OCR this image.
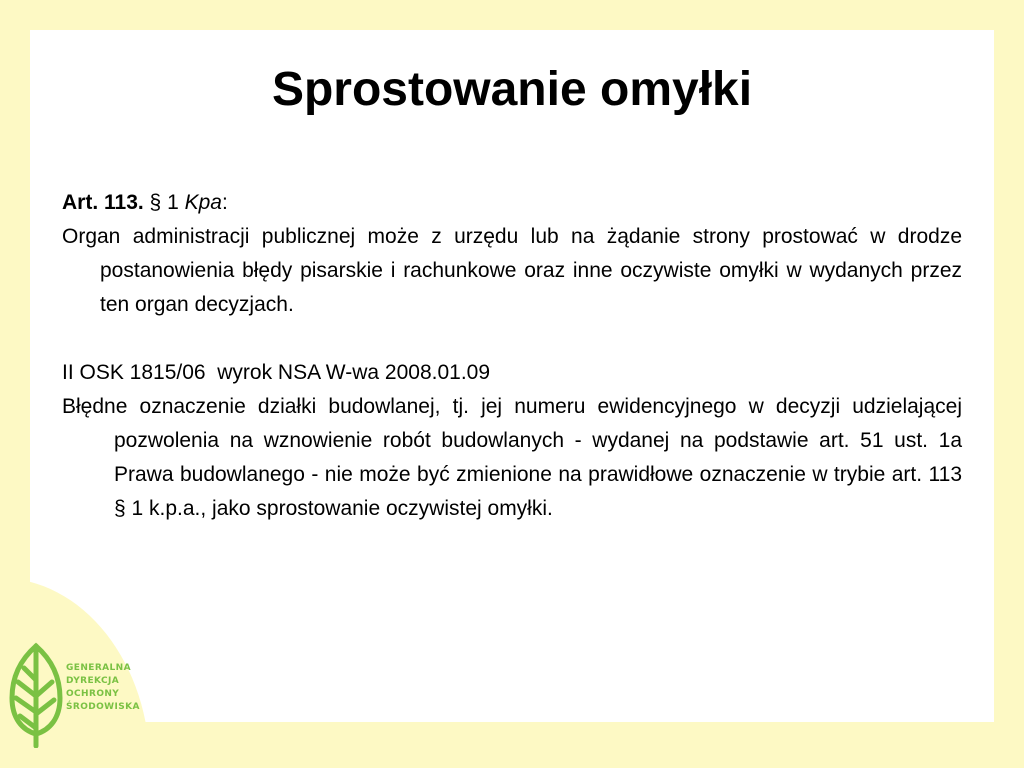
Sprostowanie omyłki

Art. 113. § 1 Kpa:

Organ administracji publicznej może z urzędu lub na żądanie strony prostować w drodze postanowienia błędy pisarskie i rachunkowe oraz inne oczywiste omyłki w wydanych przez ten organ decyzjach.

II OSK 1815/06  wyrok NSA W-wa 2008.01.09

Błędne oznaczenie działki budowlanej, tj. jej numeru ewidencyjnego w decyzji udzielającej pozwolenia na wznowienie robót budowlanych - wydanej na podstawie art. 51 ust. 1a Prawa budowlanego - nie może być zmienione na prawidłowe oznaczenie w trybie art. 113 § 1 k.p.a., jako sprostowanie oczywistej omyłki.

GENERALNA
DYREKCJA
OCHRONY
ŚRODOWISKA
